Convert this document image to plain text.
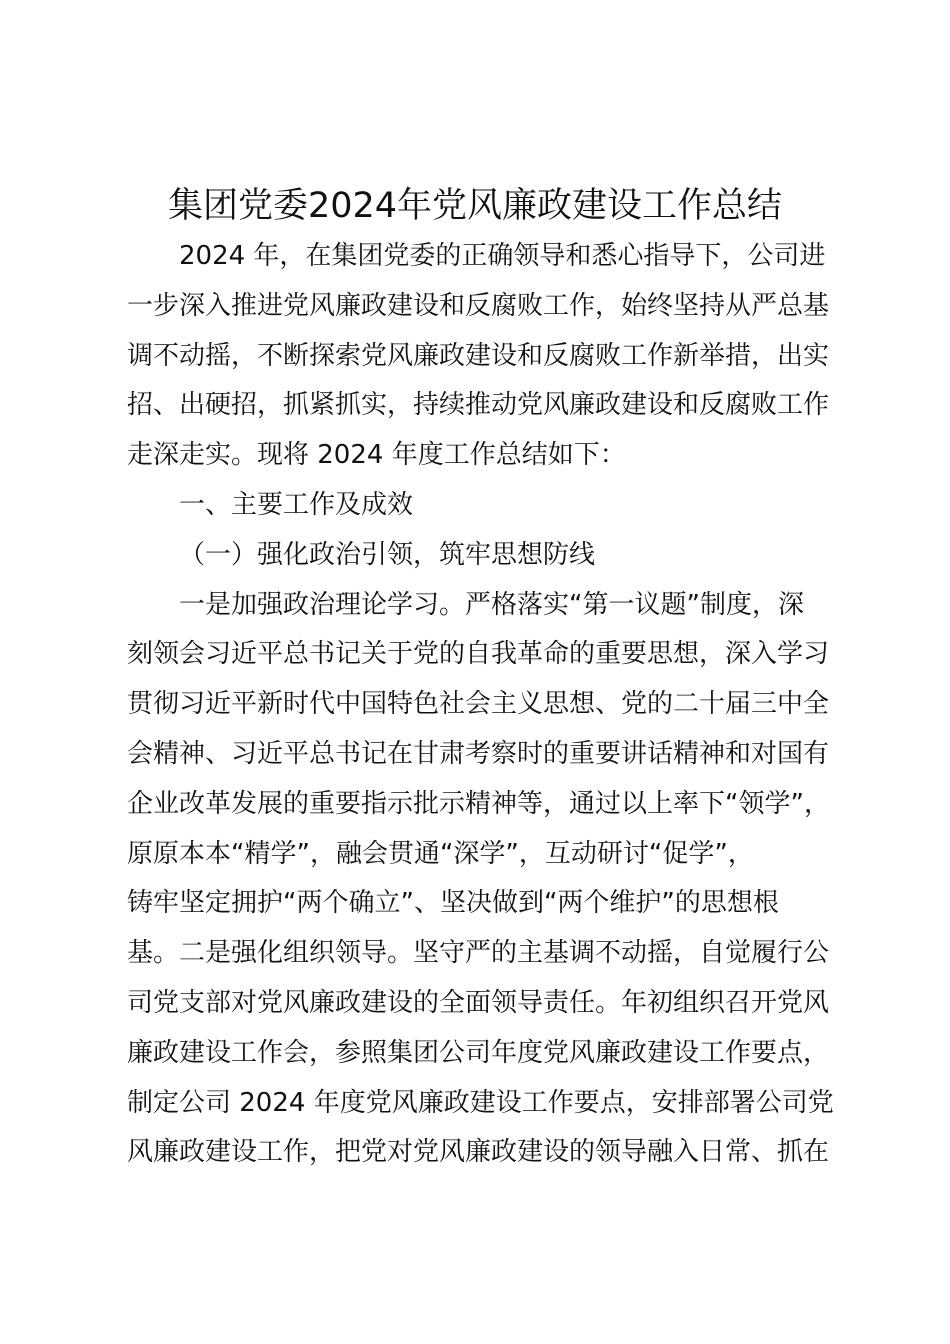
集团党委2024年党风廉政建设工作总结
2024 年，在集团党委的正确领导和悉心指导下，公司进
一步深入推进党风廉政建设和反腐败工作，始终坚持从严总基
调不动摇，不断探索党风廉政建设和反腐败工作新举措，出实
招、出硬招，抓紧抓实，持续推动党风廉政建设和反腐败工作
走深走实。现将 2024 年度工作总结如下：
一、主要工作及成效
（一）强化政治引领，筑牢思想防线
一是加强政治理论学习。严格落实“第一议题”制度，深
刻领会习近平总书记关于党的自我革命的重要思想，深入学习
贯彻习近平新时代中国特色社会主义思想、党的二十届三中全
会精神、习近平总书记在甘肃考察时的重要讲话精神和对国有
企业改革发展的重要指示批示精神等，通过以上率下“领学”，
原原本本“精学”，融会贯通“深学”，互动研讨“促学”，
铸牢坚定拥护“两个确立”、坚决做到“两个维护”的思想根
基。二是强化组织领导。坚守严的主基调不动摇，自觉履行公
司党支部对党风廉政建设的全面领导责任。年初组织召开党风
廉政建设工作会，参照集团公司年度党风廉政建设工作要点，
制定公司 2024 年度党风廉政建设工作要点，安排部署公司党
风廉政建设工作，把党对党风廉政建设的领导融入日常、抓在
